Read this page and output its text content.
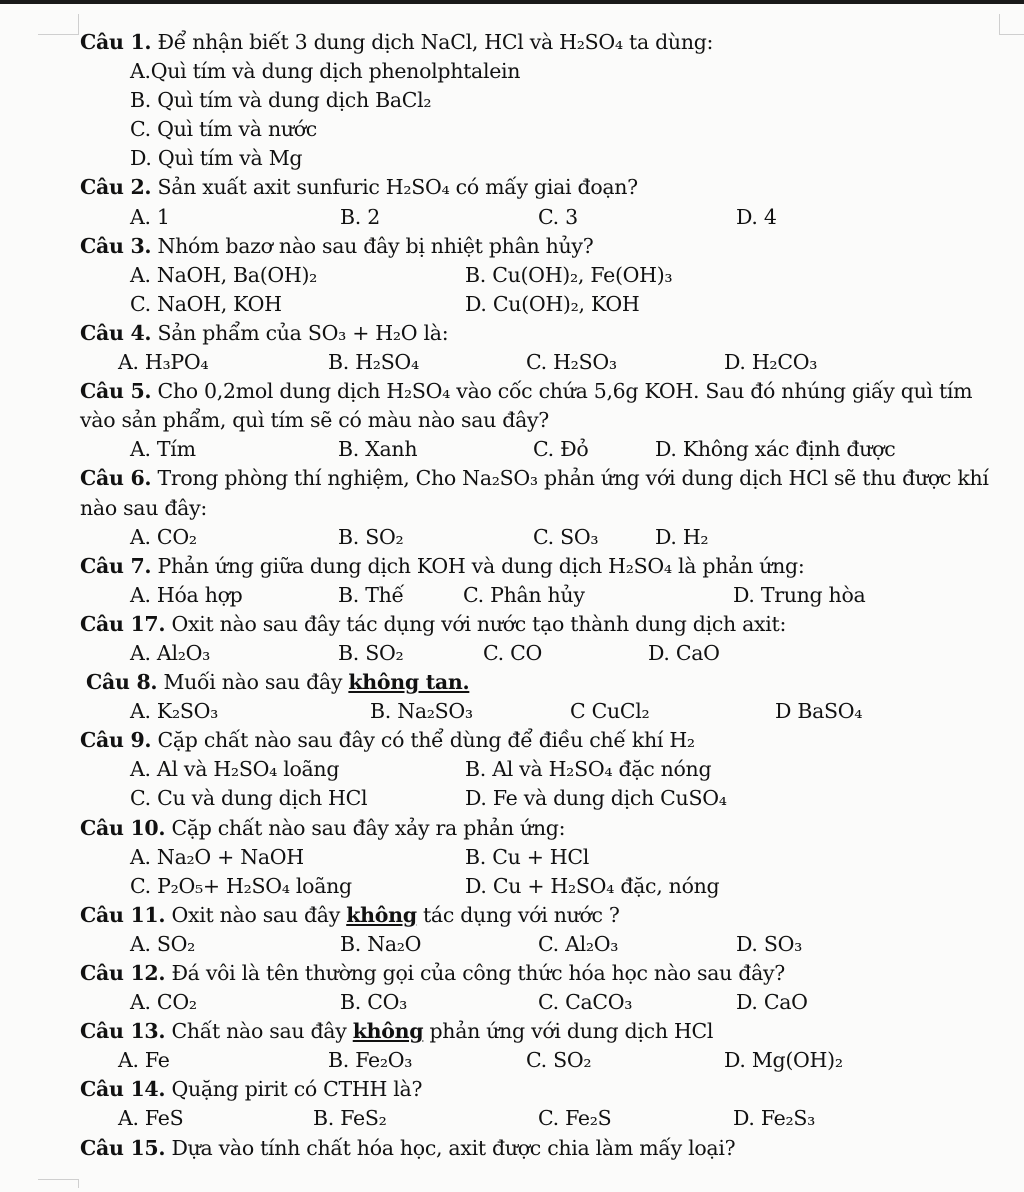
Câu 1. Để nhận biết 3 dung dịch NaCl, HCl và H₂SO₄ ta dùng:
A.Quì tím và dung dịch phenolphtalein
B. Quì tím và dung dịch BaCl₂
C. Quì tím và nước
D. Quì tím và Mg
Câu 2. Sản xuất axit sunfuric H₂SO₄ có mấy giai đoạn?
A. 1	B. 2	C. 3	D. 4
Câu 3. Nhóm bazơ nào sau đây bị nhiệt phân hủy?
A. NaOH, Ba(OH)₂	B. Cu(OH)₂, Fe(OH)₃
C. NaOH, KOH	D. Cu(OH)₂, KOH
Câu 4. Sản phẩm của SO₃ + H₂O là:
A. H₃PO₄	B. H₂SO₄	C. H₂SO₃	D. H₂CO₃
Câu 5. Cho 0,2mol dung dịch H₂SO₄ vào cốc chứa 5,6g KOH. Sau đó nhúng giấy quì tím vào sản phẩm, quì tím sẽ có màu nào sau đây?
A. Tím	B. Xanh	C. Đỏ	D. Không xác định được
Câu 6. Trong phòng thí nghiệm, Cho Na₂SO₃ phản ứng với dung dịch HCl sẽ thu được khí nào sau đây:
A. CO₂	B. SO₂	C. SO₃	D. H₂
Câu 7. Phản ứng giữa dung dịch KOH và dung dịch H₂SO₄ là phản ứng:
A. Hóa hợp	B. Thế	C. Phân hủy	D. Trung hòa
Câu 17. Oxit nào sau đây tác dụng với nước tạo thành dung dịch axit:
A. Al₂O₃	B. SO₂	C. CO	D. CaO
Câu 8. Muối nào sau đây không tan.
A. K₂SO₃	B. Na₂SO₃	C CuCl₂	D BaSO₄
Câu 9. Cặp chất nào sau đây có thể dùng để điều chế khí H₂
A. Al và H₂SO₄ loãng	B. Al và H₂SO₄ đặc nóng
C. Cu và dung dịch HCl	D. Fe và dung dịch CuSO₄
Câu 10. Cặp chất nào sau đây xảy ra phản ứng:
A. Na₂O + NaOH	B. Cu + HCl
C. P₂O₅+ H₂SO₄ loãng	D. Cu + H₂SO₄ đặc, nóng
Câu 11. Oxit nào sau đây không tác dụng với nước ?
A. SO₂	B. Na₂O	C. Al₂O₃	D. SO₃
Câu 12. Đá vôi là tên thường gọi của công thức hóa học nào sau đây?
A. CO₂	B. CO₃	C. CaCO₃	D. CaO
Câu 13. Chất nào sau đây không phản ứng với dung dịch HCl
A. Fe	B. Fe₂O₃	C. SO₂	D. Mg(OH)₂
Câu 14. Quặng pirit có CTHH là?
A. FeS	B. FeS₂	C. Fe₂S	D. Fe₂S₃
Câu 15. Dựa vào tính chất hóa học, axit được chia làm mấy loại?
